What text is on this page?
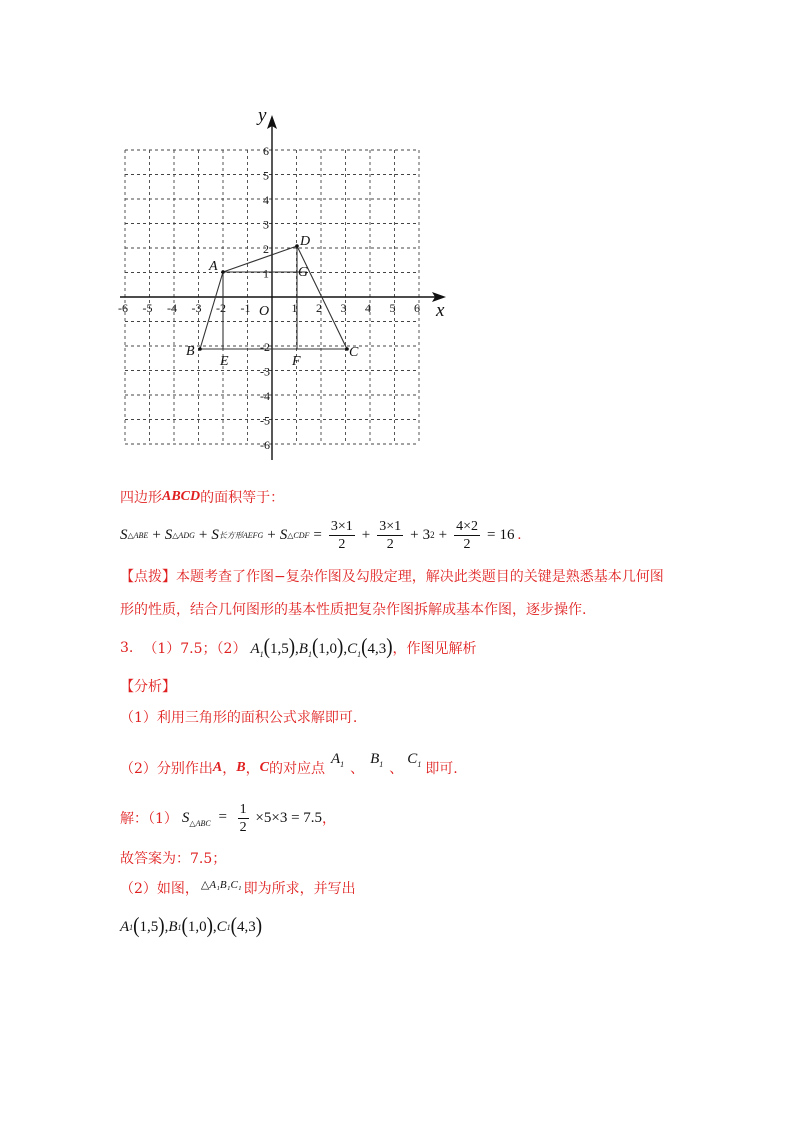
x
y
O
-6 -5 -4 -3 -2 -1	1 2 3 4 5 6
1
2
3
4
5
6
-2
-3
-4
-5
-6
A
B	C
D
E	F
G
四边形 ABCD 的面积等于：
S △ABE + S △ADG + S 长方形AEFG + S △CDF = $\frac{3\times 1}{2} + \frac{3\times 1}{2} + 3$ $2 + \frac{4\times 2}{2} = 16$ .
【点拨】本题考查了作图−复杂作图及勾股定理，解决此类题目的关键是熟悉基本几何图
形的性质，结合几何图形的基本性质把复杂作图拆解成基本作图，逐步操作.
3. （1）7.5；（2） $A_1(1,5),B_1(1,0),C_1(4,3)$ ，作图见解析
【分析】
（1）利用三角形的面积公式求解即可.
（2）分别作出 A ， B ， C 的对应点
$A_1$ 、
$B_1$ 、
$C_1$ 即可.
解：（1） $S_{\triangle ABC} = \frac{1}{2} \times 5\times 3 = 7.5$ ，
故答案为：7.5；
（2）如图， △A₁B₁C₁ 即为所求，并写出
A 1 ( 1,5 ) , B 1 ( 1,0 ) , C 1 ( 4,3 )
